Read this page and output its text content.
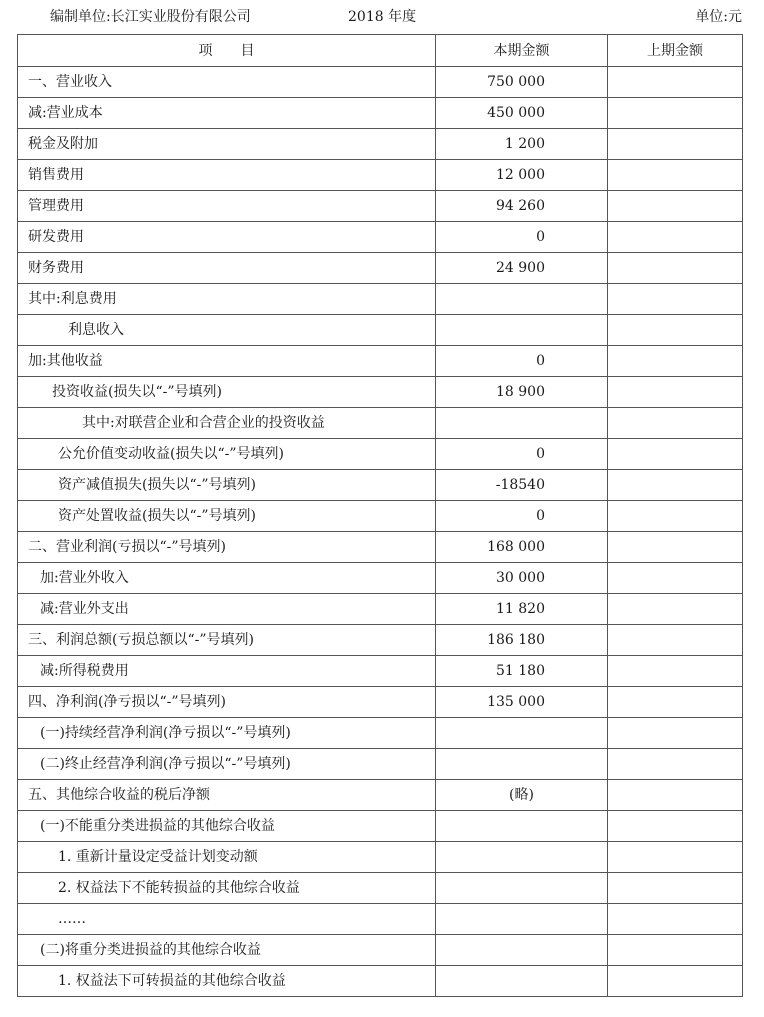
编制单位:长江实业股份有限公司	2018 年度	单位:元
项　　目	本期金额	上期金额
一、营业收入	750 000	
减:营业成本	450 000	
税金及附加	1 200	
销售费用	12 000	
管理费用	94 260	
研发费用	0	
财务费用	24 900	
其中:利息费用		
利息收入		
加:其他收益	0	
投资收益(损失以“-”号填列)	18 900	
其中:对联营企业和合营企业的投资收益		
公允价值变动收益(损失以“-”号填列)	0	
资产减值损失(损失以“-”号填列)	-18540	
资产处置收益(损失以“-”号填列)	0	
二、营业利润(亏损以“-”号填列)	168 000	
加:营业外收入	30 000	
减:营业外支出	11 820	
三、利润总额(亏损总额以“-”号填列)	186 180	
减:所得税费用	51 180	
四、净利润(净亏损以“-”号填列)	135 000	
(一)持续经营净利润(净亏损以“-”号填列)		
(二)终止经营净利润(净亏损以“-”号填列)		
五、其他综合收益的税后净额	(略)	
(一)不能重分类进损益的其他综合收益		
1. 重新计量设定受益计划变动额		
2. 权益法下不能转损益的其他综合收益		
……		
(二)将重分类进损益的其他综合收益		
1. 权益法下可转损益的其他综合收益		
